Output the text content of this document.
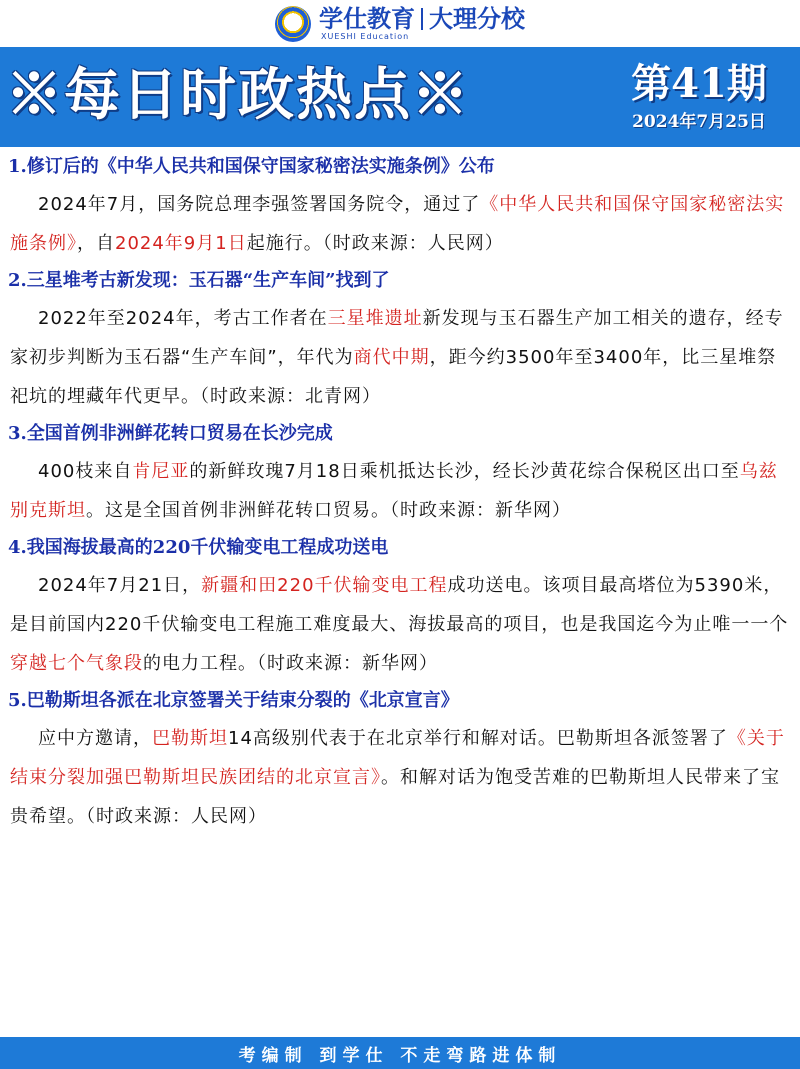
学仕教育 大理分校
XUESHI Education
※每日时政热点※	第41期
2024年7月25日
1.修订后的《中华人民共和国保守国家秘密法实施条例》公布

2024年7月，国务院总理李强签署国务院令，通过了《中华人民共和国保守国家秘密法实施条例》，自2024年9月1日起施行。（时政来源：人民网）

2.三星堆考古新发现：玉石器“生产车间”找到了

2022年至2024年，考古工作者在三星堆遗址新发现与玉石器生产加工相关的遗存，经专家初步判断为玉石器“生产车间”，年代为商代中期，距今约3500年至3400年，比三星堆祭祀坑的埋藏年代更早。（时政来源：北青网）

3.全国首例非洲鲜花转口贸易在长沙完成

400枝来自肯尼亚的新鲜玫瑰7月18日乘机抵达长沙，经长沙黄花综合保税区出口至乌兹别克斯坦。这是全国首例非洲鲜花转口贸易。（时政来源：新华网）

4.我国海拔最高的220千伏输变电工程成功送电

2024年7月21日，新疆和田220千伏输变电工程成功送电。该项目最高塔位为5390米，是目前国内220千伏输变电工程施工难度最大、海拔最高的项目，也是我国迄今为止唯一一个穿越七个气象段的电力工程。（时政来源：新华网）

5.巴勒斯坦各派在北京签署关于结束分裂的《北京宣言》

应中方邀请，巴勒斯坦14高级别代表于在北京举行和解对话。巴勒斯坦各派签署了《关于结束分裂加强巴勒斯坦民族团结的北京宣言》。和解对话为饱受苦难的巴勒斯坦人民带来了宝贵希望。（时政来源：人民网）

考编制 到学仕 不走弯路进体制
